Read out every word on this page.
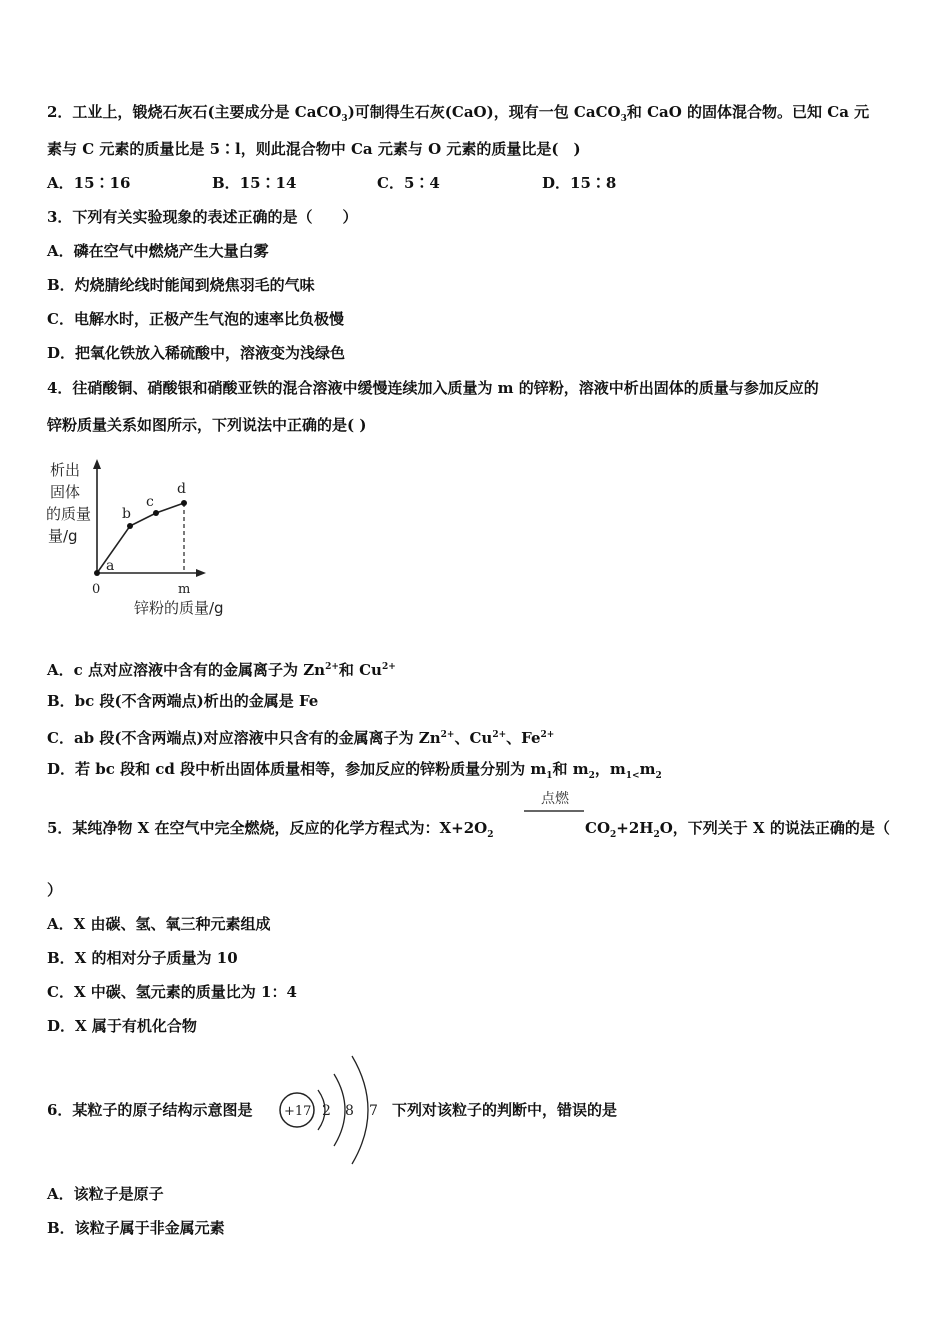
2．工业上，锻烧石灰石(主要成分是 CaCO$_3$)可制得生石灰(CaO)，现有一包 CaCO$_3$和 CaO 的固体混合物。已知 Ca 元
素与 C 元素的质量比是 5∶l，则此混合物中 Ca 元素与 O 元素的质量比是(　)
A．15∶16	B．15∶14	C．5∶4	D．15∶8
3．下列有关实验现象的表述正确的是（　　）
A．磷在空气中燃烧产生大量白雾
B．灼烧腈纶线时能闻到烧焦羽毛的气味
C．电解水时，正极产生气泡的速率比负极慢
D．把氧化铁放入稀硫酸中，溶液变为浅绿色
4．往硝酸铜、硝酸银和硝酸亚铁的混合溶液中缓慢连续加入质量为 m 的锌粉，溶液中析出固体的质量与参加反应的
锌粉质量关系如图所示，下列说法中正确的是( )
析出
固体
的质量
量/g
a
b
c
d
0	m
锌粉的质量/g
A．c 点对应溶液中含有的金属离子为 $Zn^{2+}$和 $Cu^{2+}$
B．bc 段(不含两端点)析出的金属是 Fe
C．ab 段(不含两端点)对应溶液中只含有的金属离子为 $Zn^{2+}$、$Cu^{2+}$、$Fe^{2+}$
D．若 bc 段和 cd 段中析出固体质量相等，参加反应的锌粉质量分别为 $m_1$和 $m_2$，$m_{1<}m_2$
5．某纯净物 X 在空气中完全燃烧，反应的化学方程式为：$X+2O_2$
点燃
$CO_2+2H_2O$，下列关于 X 的说法正确的是（
）
A．X 由碳、氢、氧三种元素组成
B．X 的相对分子质量为 10
C．X 中碳、氢元素的质量比为 1：4
D．X 属于有机化合物
6．某粒子的原子结构示意图是 +17 2 8 7 下列对该粒子的判断中，错误的是
A．该粒子是原子
B．该粒子属于非金属元素
